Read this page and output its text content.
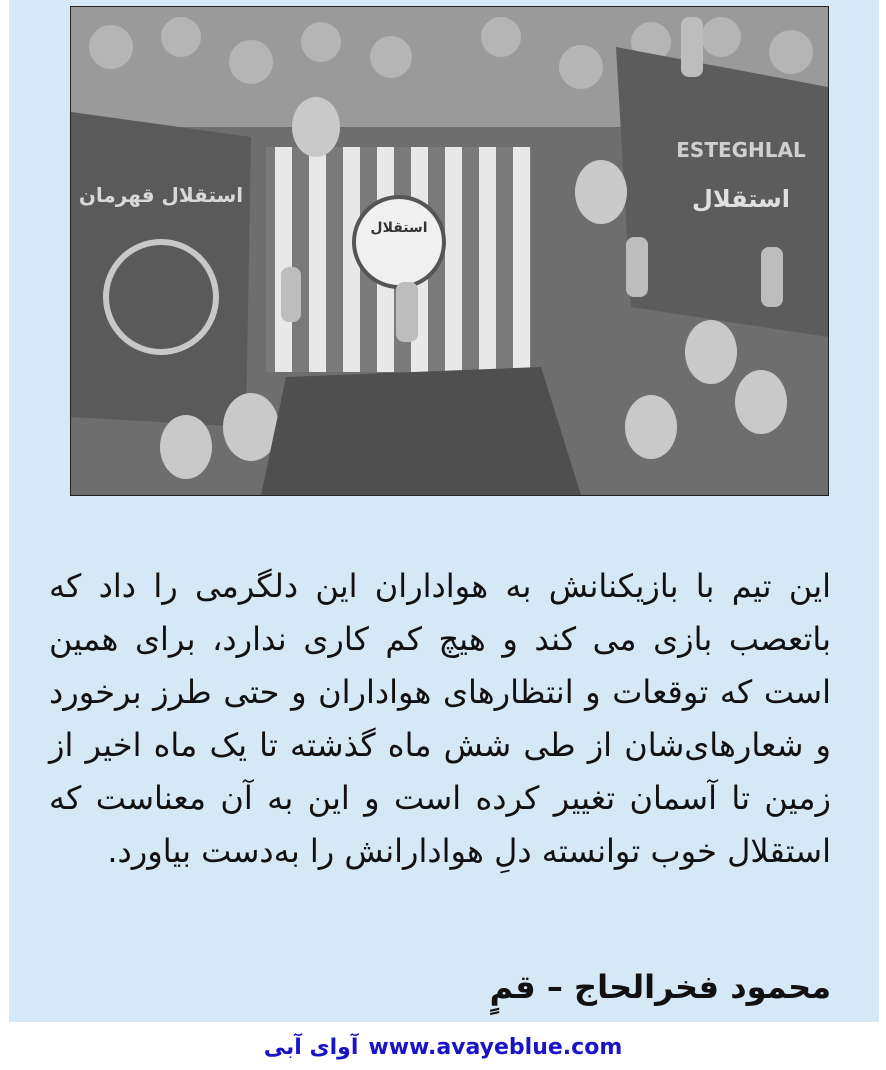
استقلال قهرمان
ESTEGHLAL
استقلال
استقلال

این تیم با بازیکنانش به هواداران این دلگرمی را داد که باتعصب بازی می کند و هیچ کم کاری ندارد، برای همین است که توقعات و انتظارهای هواداران و حتی طرز برخورد و شعارهای‌شان از طی شش ماه گذشته تا یک ماه اخیر از زمین تا آسمان تغییر کرده است و این به آن معناست که استقلال خوب توانسته دلِ هوادارانش را به‌دست بیاورد.

محمود فخرالحاج – قمٍ

آوای آبی www.avayeblue.com
